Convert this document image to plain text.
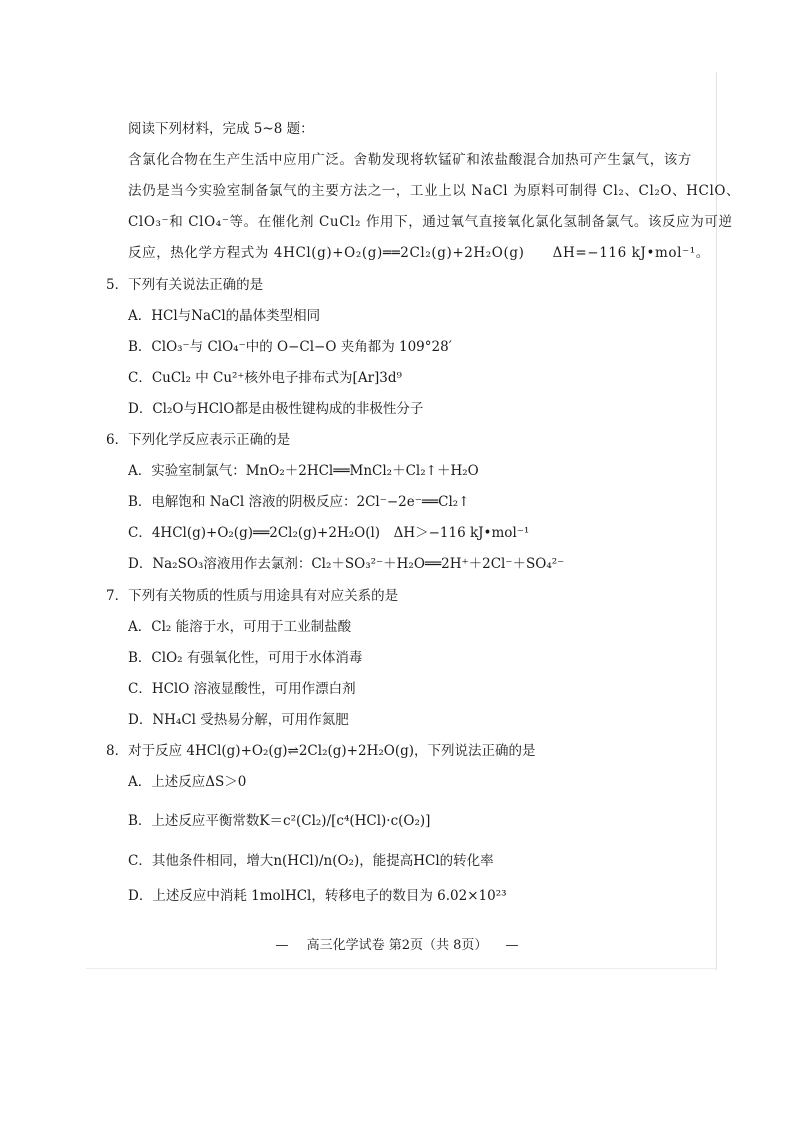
阅读下列材料，完成 5~8 题：
含氯化合物在生产生活中应用广泛。舍勒发现将软锰矿和浓盐酸混合加热可产生氯气，该方
法仍是当今实验室制备氯气的主要方法之一，工业上以 NaCl 为原料可制得 Cl₂、Cl₂O、HClO、
ClO₃⁻和 ClO₄⁻等。在催化剂 CuCl₂ 作用下，通过氧气直接氧化氯化氢制备氯气。该反应为可逆
反应，热化学方程式为 4HCl(g)+O₂(g)══2Cl₂(g)+2H₂O(g)　　ΔH=−116 kJ•mol⁻¹。
5．下列有关说法正确的是
A．HCl与NaCl的晶体类型相同
B．ClO₃⁻与 ClO₄⁻中的 O−Cl−O 夹角都为 109°28′
C．CuCl₂ 中 Cu²⁺核外电子排布式为[Ar]3d⁹
D．Cl₂O与HClO都是由极性键构成的非极性分子
6．下列化学反应表示正确的是
A．实验室制氯气：MnO₂＋2HCl══MnCl₂＋Cl₂↑＋H₂O
B．电解饱和 NaCl 溶液的阴极反应：2Cl⁻−2e⁻══Cl₂↑
C．4HCl(g)+O₂(g)══2Cl₂(g)+2H₂O(l)　ΔH＞−116 kJ•mol⁻¹
D．Na₂SO₃溶液用作去氯剂：Cl₂＋SO₃²⁻＋H₂O══2H⁺＋2Cl⁻＋SO₄²⁻
7．下列有关物质的性质与用途具有对应关系的是
A．Cl₂ 能溶于水，可用于工业制盐酸
B．ClO₂ 有强氧化性，可用于水体消毒
C．HClO 溶液显酸性，可用作漂白剂
D．NH₄Cl 受热易分解，可用作氮肥
8．对于反应 4HCl(g)+O₂(g)⇌2Cl₂(g)+2H₂O(g)，下列说法正确的是
A．上述反应ΔS＞0
B．上述反应平衡常数K＝c²(Cl₂)/[c⁴(HCl)·c(O₂)]
C．其他条件相同，增大n(HCl)/n(O₂)，能提高HCl的转化率
D．上述反应中消耗 1molHCl，转移电子的数目为 6.02×10²³
— 高三化学试卷 第2页（共 8页） —
